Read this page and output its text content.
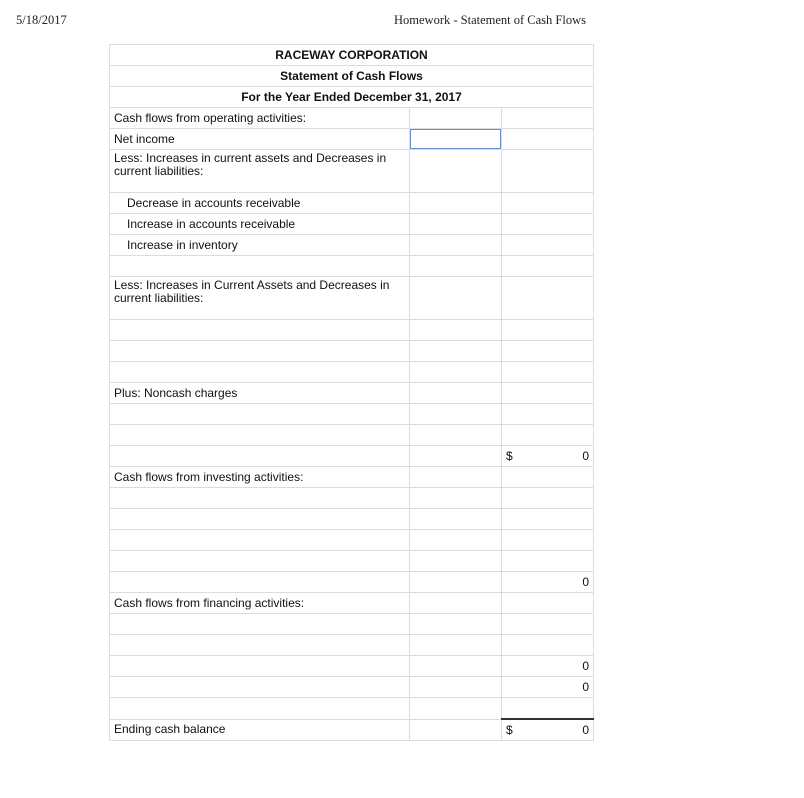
5/18/2017	Homework - Statement of Cash Flows
RACEWAY CORPORATION		
Statement of Cash Flows		
For the Year Ended December 31, 2017		
Cash flows from operating activities:		
Net income		
Less: Increases in current assets and Decreases in current liabilities:		
Decrease in accounts receivable		
Increase in accounts receivable		
Increase in inventory		

Less: Increases in Current Assets and Decreases in current liabilities:		

Plus: Noncash charges		

		$ 0

Cash flows from investing activities:		

		0
Cash flows from financing activities:		

		0
		0

Ending cash balance		$ 0
